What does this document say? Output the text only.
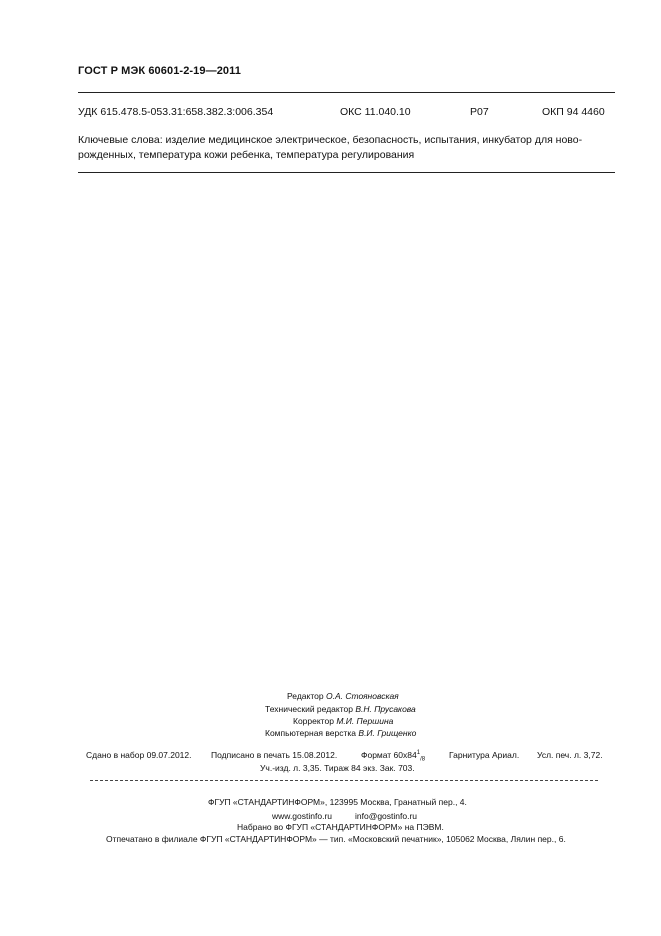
ГОСТ Р МЭК 60601-2-19—2011
УДК 615.478.5-053.31:658.382.3:006.354	ОКС 11.040.10	Р07	ОКП 94 4460
Ключевые слова: изделие медицинское электрическое, безопасность, испытания, инкубатор для ново-
рожденных, температура кожи ребенка, температура регулирования
Редактор О.А. Стояновская
Технический редактор В.Н. Прусакова
Корректор М.И. Першина
Компьютерная верстка В.И. Грищенко
Сдано в набор 09.07.2012. Подписано в печать 15.08.2012.	Формат $60x84^1_{/8}$	Гарнитура Ариал. Усл. печ. л. 3,72.
Уч.-изд. л. 3,35. Тираж 84 экз. Зак. 703.
ФГУП «СТАНДАРТИНФОРМ», 123995 Москва, Гранатный пер., 4.
www.gostinfo.ru	info@gostinfo.ru
Набрано во ФГУП «СТАНДАРТИНФОРМ» на ПЭВМ.
Отпечатано в филиале ФГУП «СТАНДАРТИНФОРМ» — тип. «Московский печатник», 105062 Москва, Лялин пер., 6.
